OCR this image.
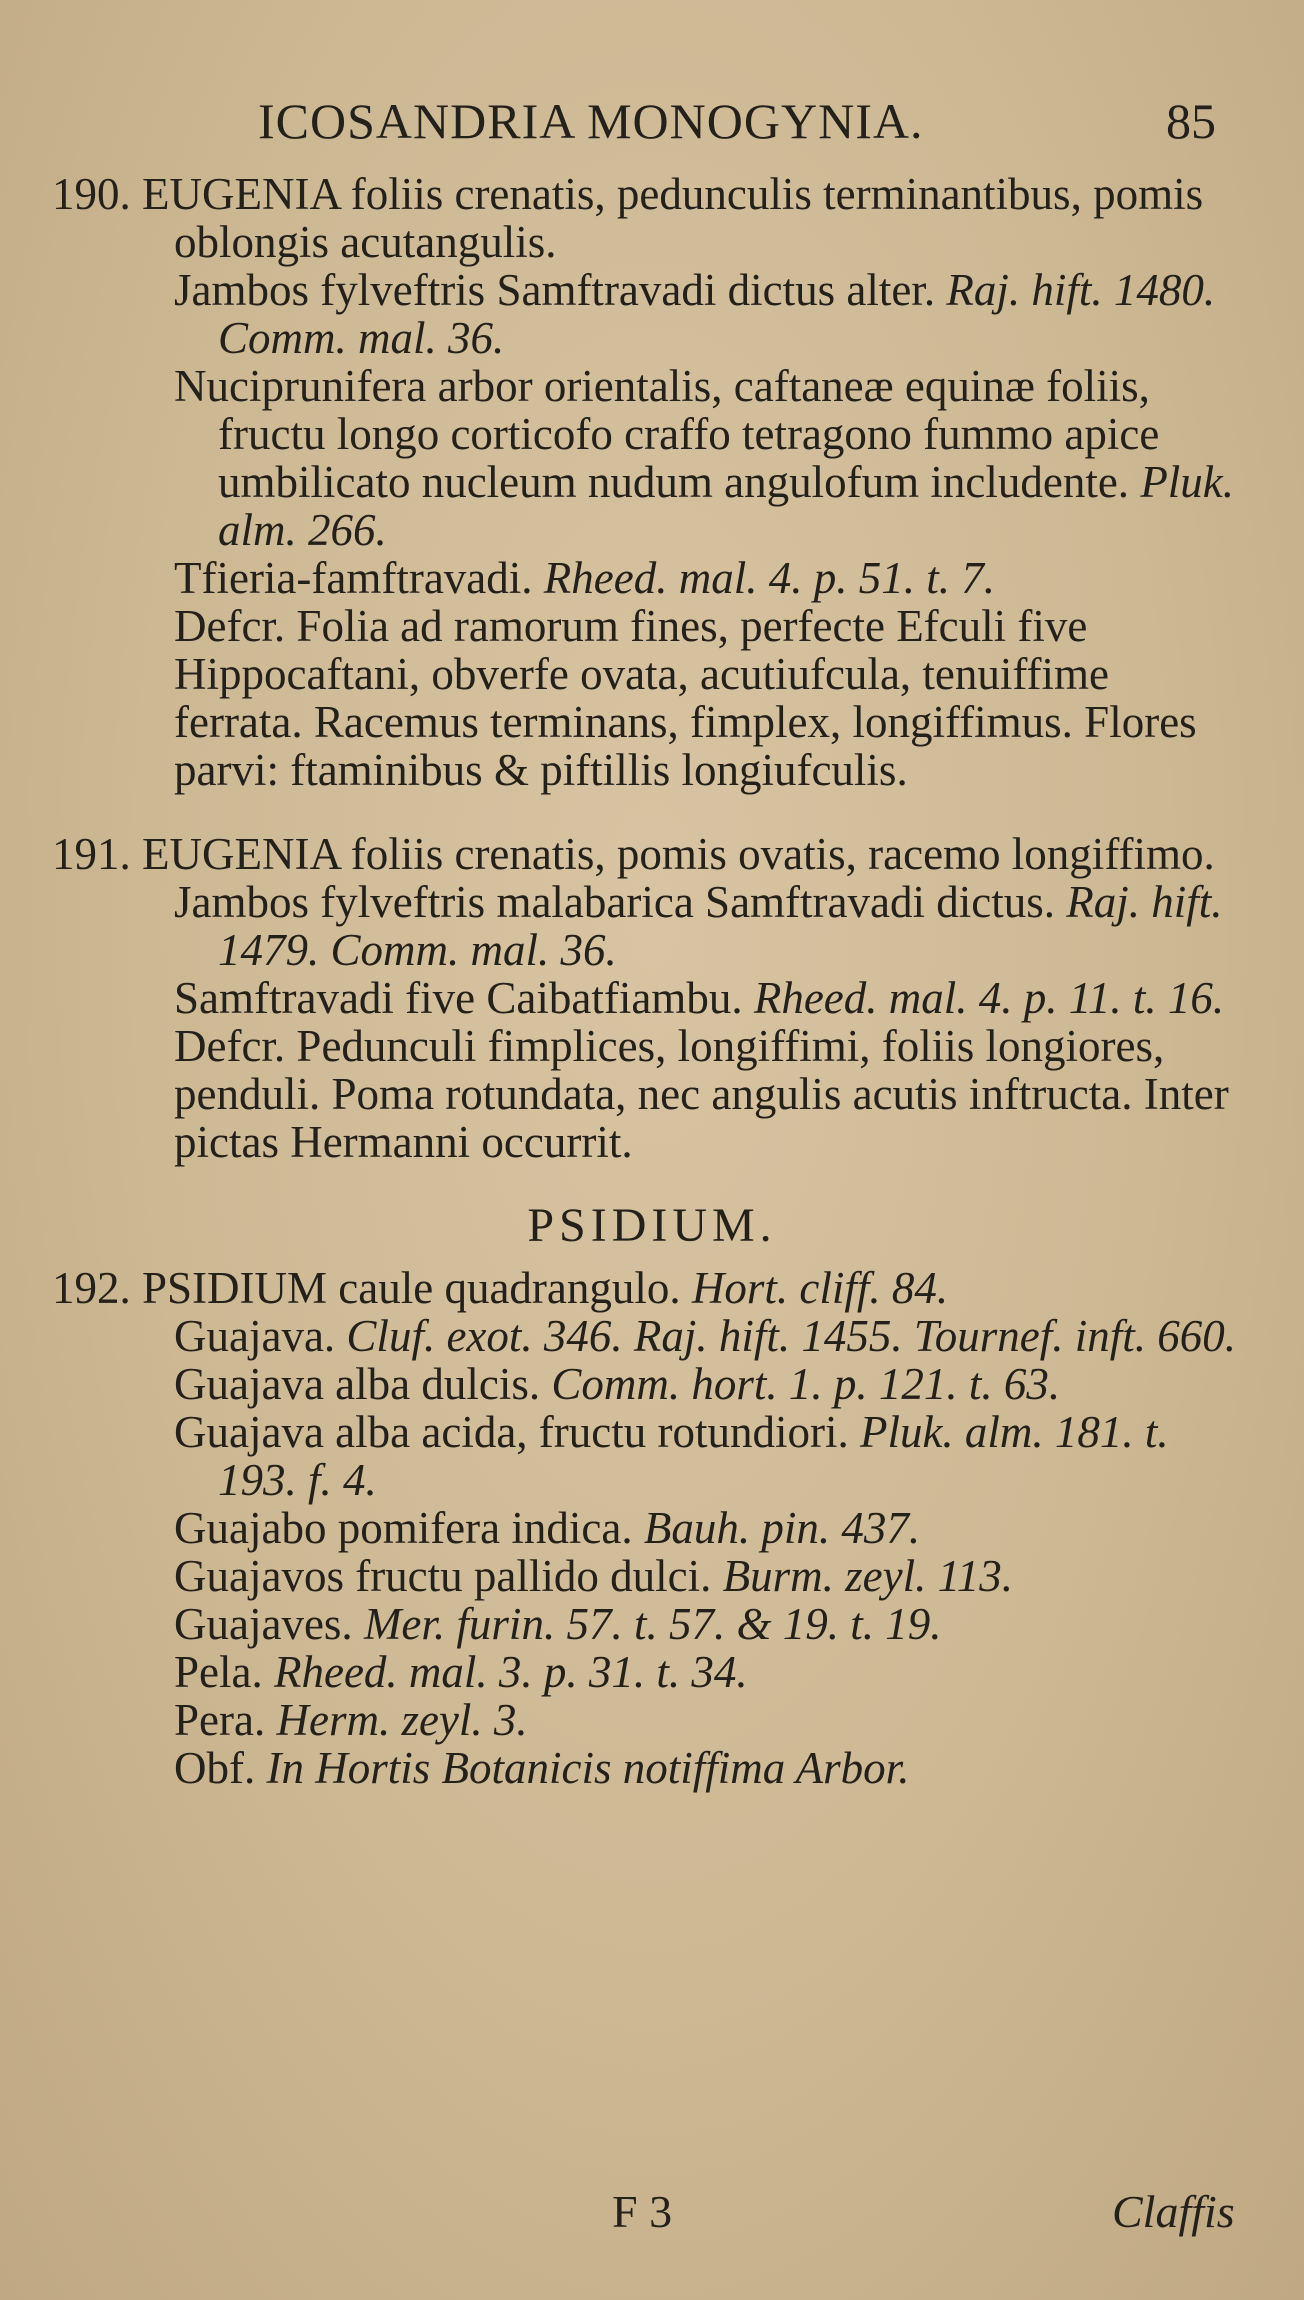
ICOSANDRIA MONOGYNIA.	85
190. EUGENIA foliis crenatis, pedunculis terminantibus, pomis oblongis acutangulis.
Jambos fylveftris Samftravadi dictus alter. Raj. hift. 1480. Comm. mal. 36.
Nuciprunifera arbor orientalis, caftaneæ equinæ foliis, fructu longo corticofo craffo tetragono fummo apice umbilicato nucleum nudum angulofum includente. Pluk. alm. 266.
Tfieria-famftravadi. Rheed. mal. 4. p. 51. t. 7.
Defcr. Folia ad ramorum fines, perfecte Efculi five Hippocaftani, obverfe ovata, acutiufcula, tenuiffime ferrata. Racemus terminans, fimplex, longiffimus. Flores parvi: ftaminibus & piftillis longiufculis.
191. EUGENIA foliis crenatis, pomis ovatis, racemo longiffimo.
Jambos fylveftris malabarica Samftravadi dictus. Raj. hift. 1479. Comm. mal. 36.
Samftravadi five Caibatfiambu. Rheed. mal. 4. p. 11. t. 16.
Defcr. Pedunculi fimplices, longiffimi, foliis longiores, penduli. Poma rotundata, nec angulis acutis inftructa. Inter pictas Hermanni occurrit.
PSIDIUM.
192. PSIDIUM caule quadrangulo. Hort. cliff. 84.
Guajava. Cluf. exot. 346. Raj. hift. 1455. Tournef. inft. 660.
Guajava alba dulcis. Comm. hort. 1. p. 121. t. 63.
Guajava alba acida, fructu rotundiori. Pluk. alm. 181. t. 193. f. 4.
Guajabo pomifera indica. Bauh. pin. 437.
Guajavos fructu pallido dulci. Burm. zeyl. 113.
Guajaves. Mer. furin. 57. t. 57. & 19. t. 19.
Pela. Rheed. mal. 3. p. 31. t. 34.
Pera. Herm. zeyl. 3.
Obf. In Hortis Botanicis notiffima Arbor.
F 3	Claffis
